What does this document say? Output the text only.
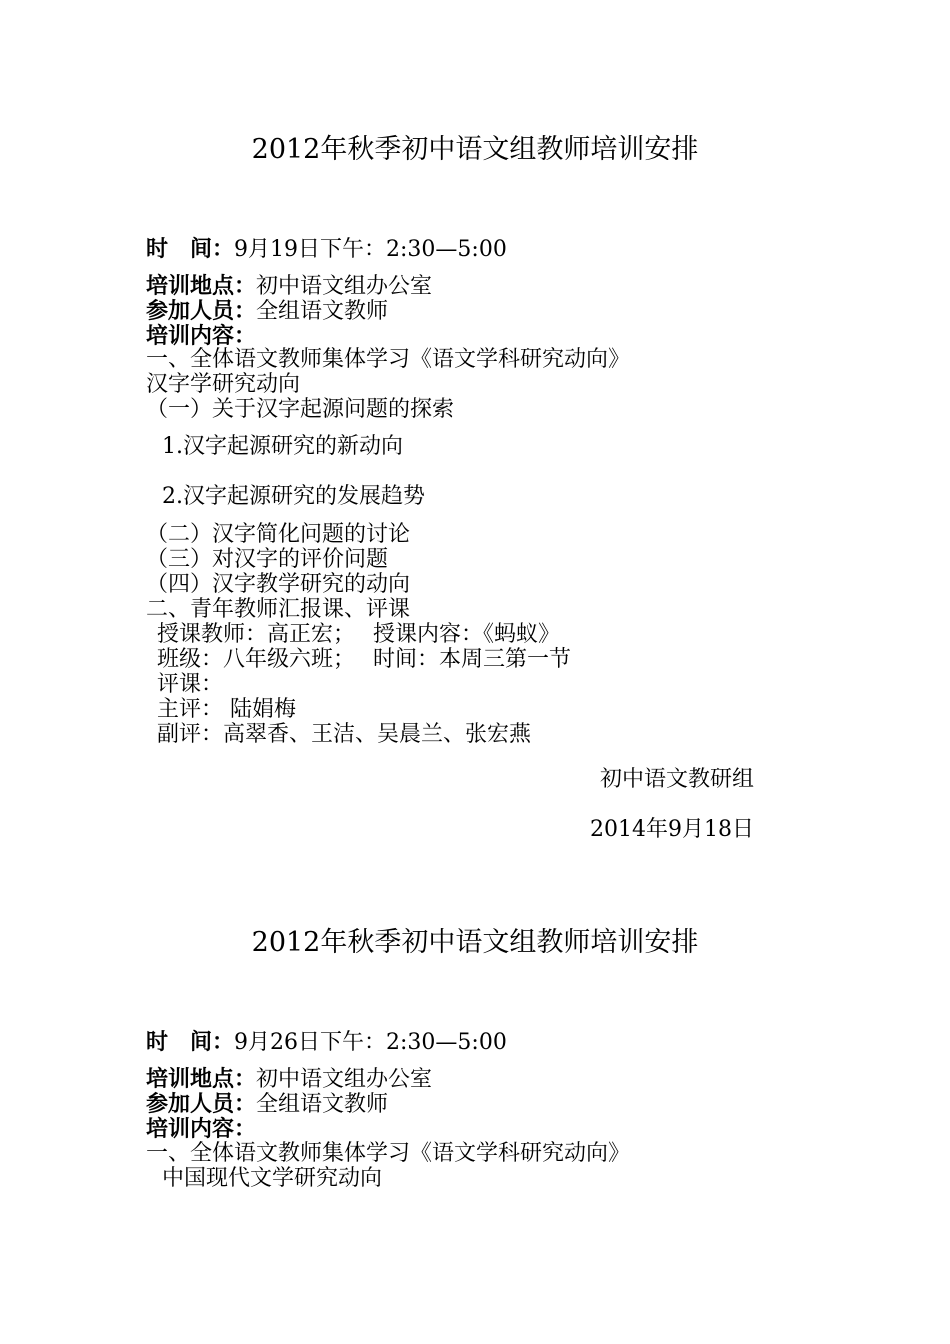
2012年秋季初中语文组教师培训安排
时　间：9月19日下午：2:30—5:00
培训地点：初中语文组办公室
参加人员：全组语文教师
培训内容：
一、全体语文教师集体学习《语文学科研究动向》
汉字学研究动向
（一）关于汉字起源问题的探索
1.汉字起源研究的新动向
2.汉字起源研究的发展趋势
（二）汉字简化问题的讨论
（三）对汉字的评价问题
（四）汉字教学研究的动向
二、青年教师汇报课、评课
授课教师：高正宏；　 授课内容：《蚂蚁》
班级：八年级六班；　 时间：本周三第一节
评课：
主评： 陆娟梅
副评：高翠香、王洁、吴晨兰、张宏燕
初中语文教研组
2014年9月18日
2012年秋季初中语文组教师培训安排
时　间：9月26日下午：2:30—5:00
培训地点：初中语文组办公室
参加人员：全组语文教师
培训内容：
一、全体语文教师集体学习《语文学科研究动向》
中国现代文学研究动向
